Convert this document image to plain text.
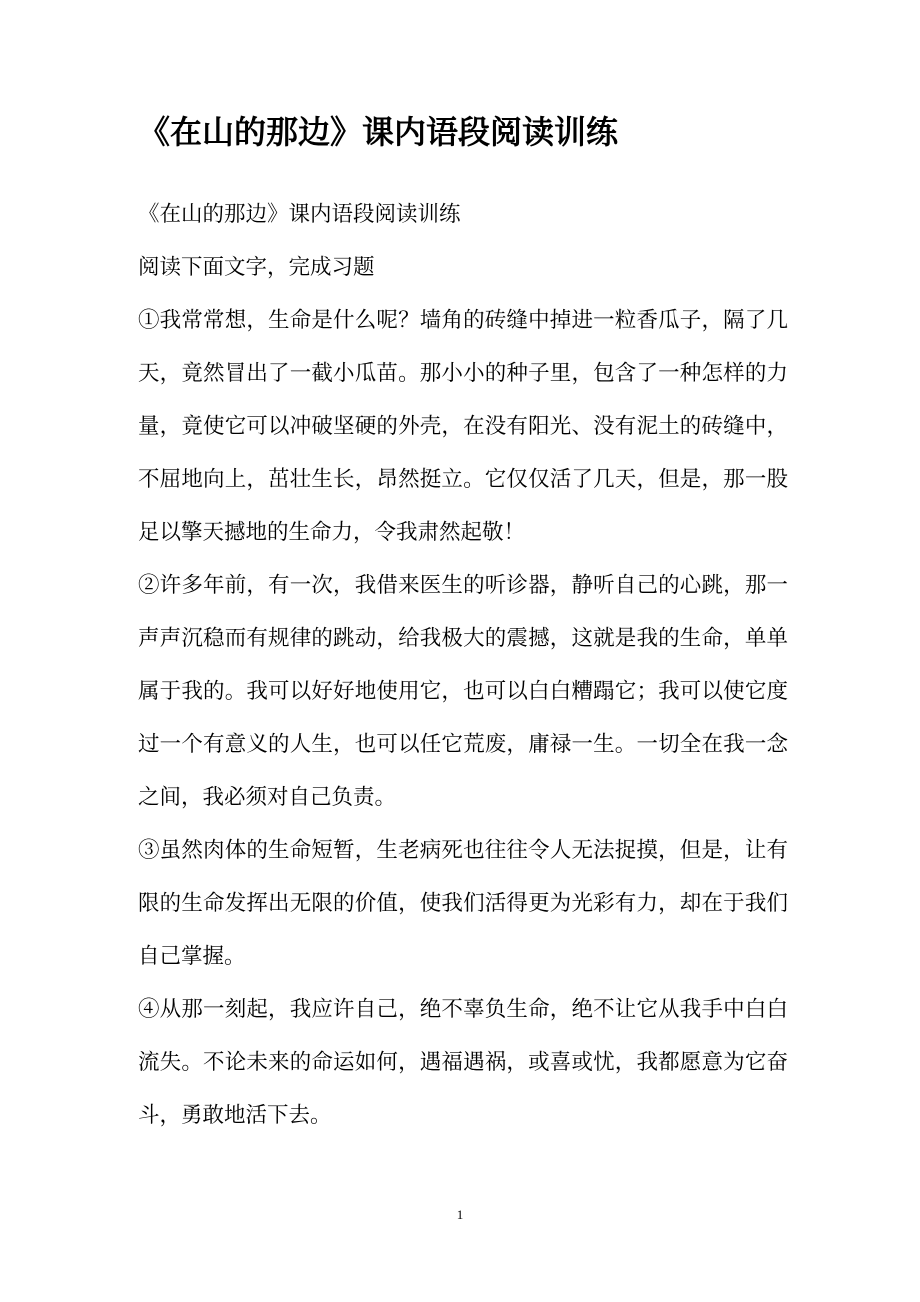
《在山的那边》课内语段阅读训练

《在山的那边》课内语段阅读训练

阅读下面文字，完成习题

①我常常想，生命是什么呢？墙角的砖缝中掉进一粒香瓜子，隔了几天，竟然冒出了一截小瓜苗。那小小的种子里，包含了一种怎样的力量，竟使它可以冲破坚硬的外壳，在没有阳光、没有泥土的砖缝中，不屈地向上，茁壮生长，昂然挺立。它仅仅活了几天，但是，那一股足以擎天撼地的生命力，令我肃然起敬！

②许多年前，有一次，我借来医生的听诊器，静听自己的心跳，那一声声沉稳而有规律的跳动，给我极大的震撼，这就是我的生命，单单属于我的。我可以好好地使用它，也可以白白糟蹋它；我可以使它度过一个有意义的人生，也可以任它荒废，庸禄一生。一切全在我一念之间，我必须对自己负责。

③虽然肉体的生命短暂，生老病死也往往令人无法捉摸，但是，让有限的生命发挥出无限的价值，使我们活得更为光彩有力，却在于我们自己掌握。

④从那一刻起，我应许自己，绝不辜负生命，绝不让它从我手中白白流失。不论未来的命运如何，遇福遇祸，或喜或忧，我都愿意为它奋斗，勇敢地活下去。

1
